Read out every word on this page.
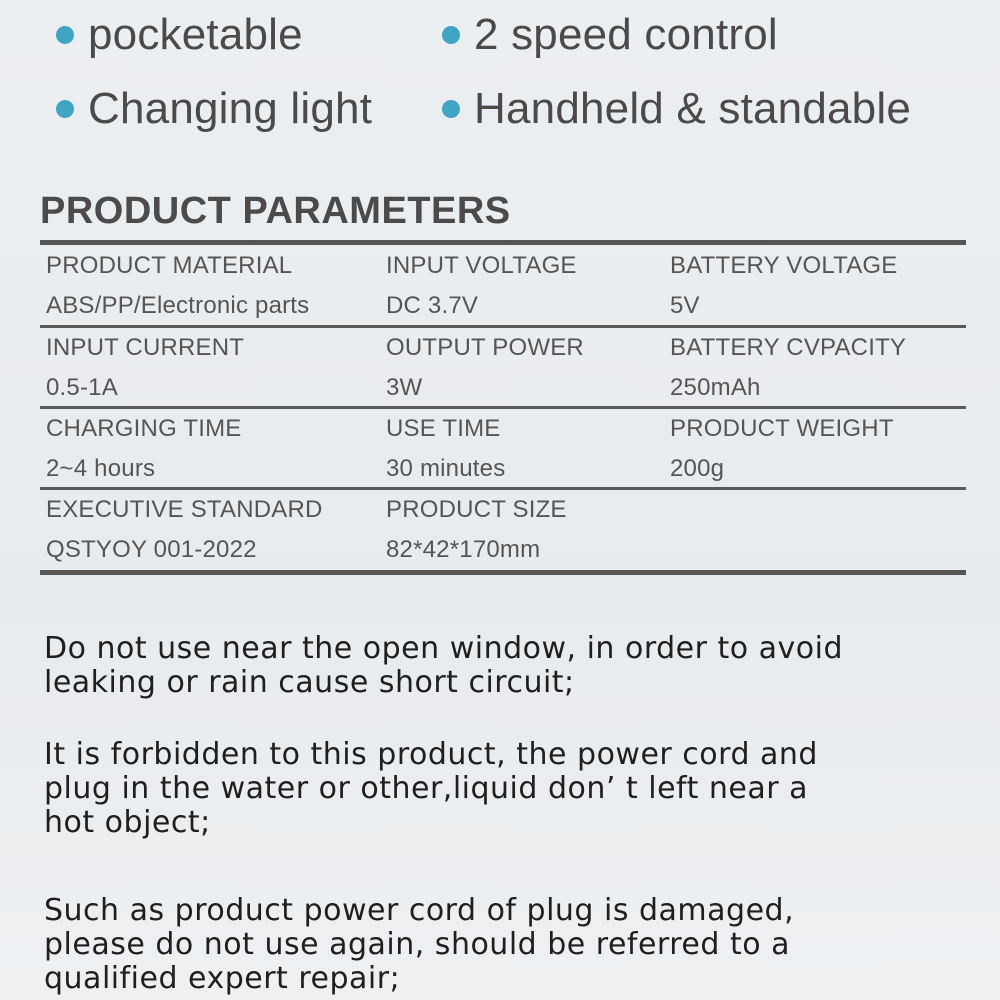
pocketable	2 speed control
Changing light Handheld & standable
PRODUCT PARAMETERS
PRODUCT MATERIAL
ABS/PP/Electronic parts
INPUT VOLTAGE
DC 3.7V
BATTERY VOLTAGE
5V
INPUT CURRENT
0.5-1A
OUTPUT POWER
3W
BATTERY CVPACITY
250mAh
CHARGING TIME
2~4 hours
USE TIME
30 minutes
PRODUCT WEIGHT
200g
EXECUTIVE STANDARD
QSTYOY 001-2022
PRODUCT SIZE
82*42*170mm
Do not use near the open window, in order to avoid
leaking or rain cause short circuit;
It is forbidden to this product, the power cord and
plug in the water or other,liquid don’ t left near a
hot object;
Such as product power cord of plug is damaged,
please do not use again, should be referred to a
qualified expert repair;
